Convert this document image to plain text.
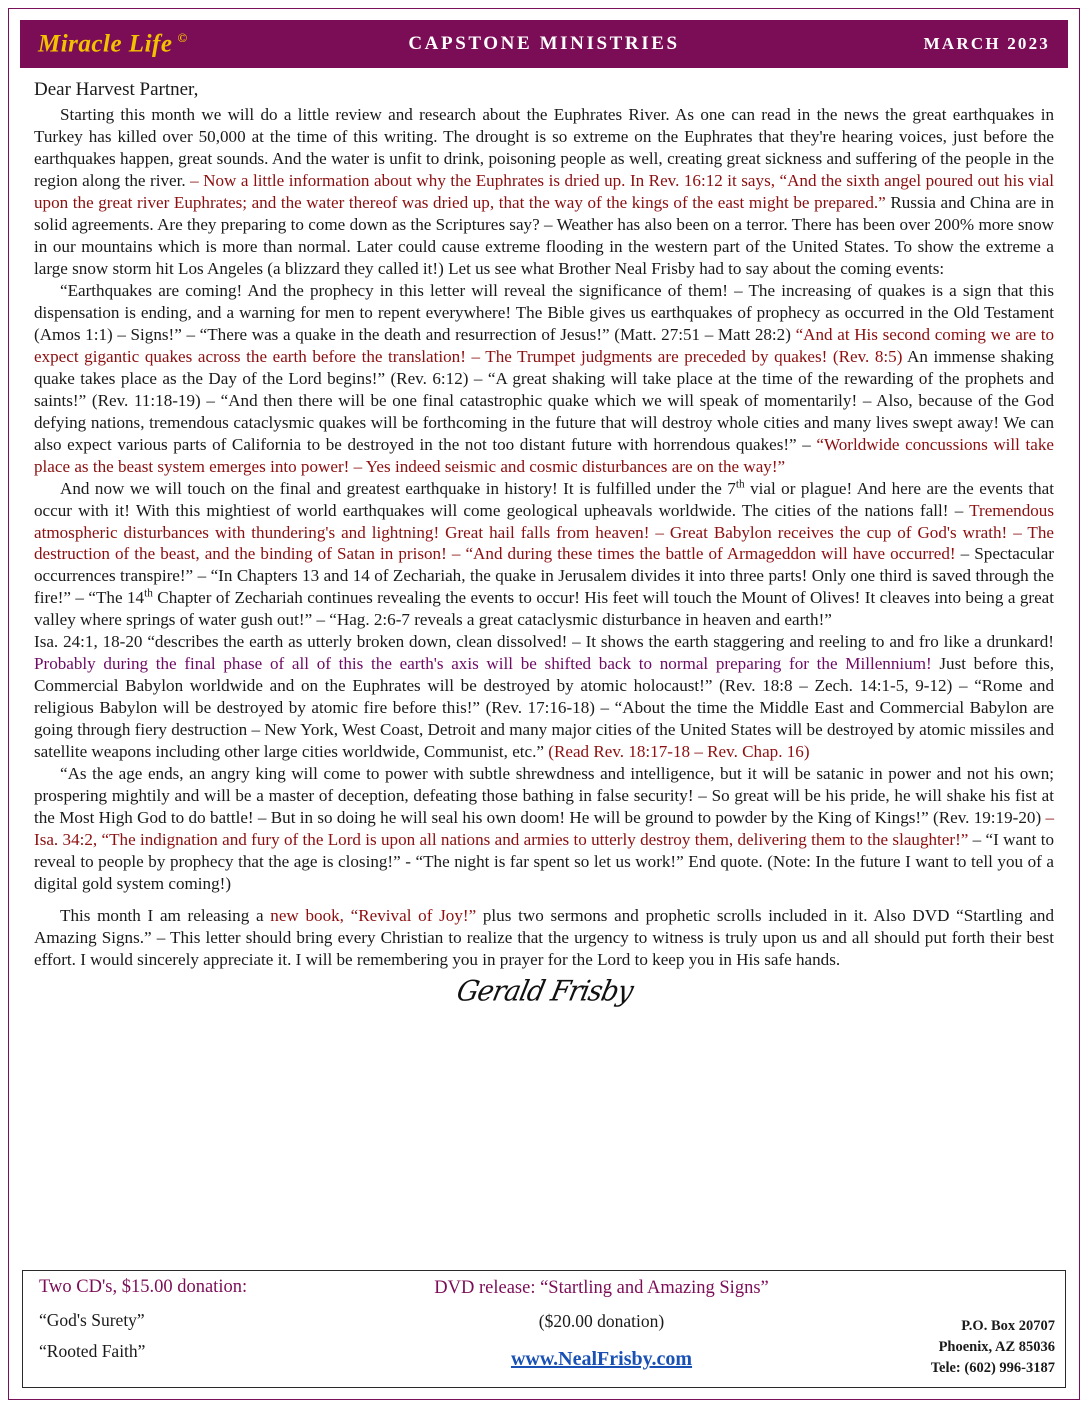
Miracle Life ©	CAPSTONE MINISTRIES	MARCH 2023
Dear Harvest Partner,

Starting this month we will do a little review and research about the Euphrates River. As one can read in the news the great earthquakes in Turkey has killed over 50,000 at the time of this writing. The drought is so extreme on the Euphrates that they're hearing voices, just before the earthquakes happen, great sounds. And the water is unfit to drink, poisoning people as well, creating great sickness and suffering of the people in the region along the river. – Now a little information about why the Euphrates is dried up. In Rev. 16:12 it says, “And the sixth angel poured out his vial upon the great river Euphrates; and the water thereof was dried up, that the way of the kings of the east might be prepared.” Russia and China are in solid agreements. Are they preparing to come down as the Scriptures say? – Weather has also been on a terror. There has been over 200% more snow in our mountains which is more than normal. Later could cause extreme flooding in the western part of the United States. To show the extreme a large snow storm hit Los Angeles (a blizzard they called it!) Let us see what Brother Neal Frisby had to say about the coming events:

“Earthquakes are coming! And the prophecy in this letter will reveal the significance of them! – The increasing of quakes is a sign that this dispensation is ending, and a warning for men to repent everywhere! The Bible gives us earthquakes of prophecy as occurred in the Old Testament (Amos 1:1) – Signs!” – “There was a quake in the death and resurrection of Jesus!” (Matt. 27:51 – Matt 28:2) “And at His second coming we are to expect gigantic quakes across the earth before the translation! – The Trumpet judgments are preceded by quakes! (Rev. 8:5) An immense shaking quake takes place as the Day of the Lord begins!” (Rev. 6:12) – “A great shaking will take place at the time of the rewarding of the prophets and saints!” (Rev. 11:18-19) – “And then there will be one final catastrophic quake which we will speak of momentarily! – Also, because of the God defying nations, tremendous cataclysmic quakes will be forthcoming in the future that will destroy whole cities and many lives swept away! We can also expect various parts of California to be destroyed in the not too distant future with horrendous quakes!” – “Worldwide concussions will take place as the beast system emerges into power! – Yes indeed seismic and cosmic disturbances are on the way!”

And now we will touch on the final and greatest earthquake in history! It is fulfilled under the 7th vial or plague! And here are the events that occur with it! With this mightiest of world earthquakes will come geological upheavals worldwide. The cities of the nations fall! – Tremendous atmospheric disturbances with thundering's and lightning! Great hail falls from heaven! – Great Babylon receives the cup of God's wrath! – The destruction of the beast, and the binding of Satan in prison! – “And during these times the battle of Armageddon will have occurred! – Spectacular occurrences transpire!” – “In Chapters 13 and 14 of Zechariah, the quake in Jerusalem divides it into three parts! Only one third is saved through the fire!” – “The 14th Chapter of Zechariah continues revealing the events to occur! His feet will touch the Mount of Olives! It cleaves into being a great valley where springs of water gush out!” – “Hag. 2:6-7 reveals a great cataclysmic disturbance in heaven and earth!”

Isa. 24:1, 18-20 “describes the earth as utterly broken down, clean dissolved! – It shows the earth staggering and reeling to and fro like a drunkard! Probably during the final phase of all of this the earth's axis will be shifted back to normal preparing for the Millennium! Just before this, Commercial Babylon worldwide and on the Euphrates will be destroyed by atomic holocaust!” (Rev. 18:8 – Zech. 14:1-5, 9-12) – “Rome and religious Babylon will be destroyed by atomic fire before this!” (Rev. 17:16-18) – “About the time the Middle East and Commercial Babylon are going through fiery destruction – New York, West Coast, Detroit and many major cities of the United States will be destroyed by atomic missiles and satellite weapons including other large cities worldwide, Communist, etc.” (Read Rev. 18:17-18 – Rev. Chap. 16)

“As the age ends, an angry king will come to power with subtle shrewdness and intelligence, but it will be satanic in power and not his own; prospering mightily and will be a master of deception, defeating those bathing in false security! – So great will be his pride, he will shake his fist at the Most High God to do battle! – But in so doing he will seal his own doom! He will be ground to powder by the King of Kings!” (Rev. 19:19-20) – Isa. 34:2, “The indignation and fury of the Lord is upon all nations and armies to utterly destroy them, delivering them to the slaughter!” – “I want to reveal to people by prophecy that the age is closing!” - “The night is far spent so let us work!” End quote. (Note: In the future I want to tell you of a digital gold system coming!)

This month I am releasing a new book, “Revival of Joy!” plus two sermons and prophetic scrolls included in it. Also DVD “Startling and Amazing Signs.” – This letter should bring every Christian to realize that the urgency to witness is truly upon us and all should put forth their best effort. I would sincerely appreciate it. I will be remembering you in prayer for the Lord to keep you in His safe hands.

Gerald Frisby
Two CD's, $15.00 donation:
“God's Surety”
“Rooted Faith”
DVD release: “Startling and Amazing Signs”
($20.00 donation)
www.NealFrisby.com
P.O. Box 20707
Phoenix, AZ 85036
Tele: (602) 996-3187
